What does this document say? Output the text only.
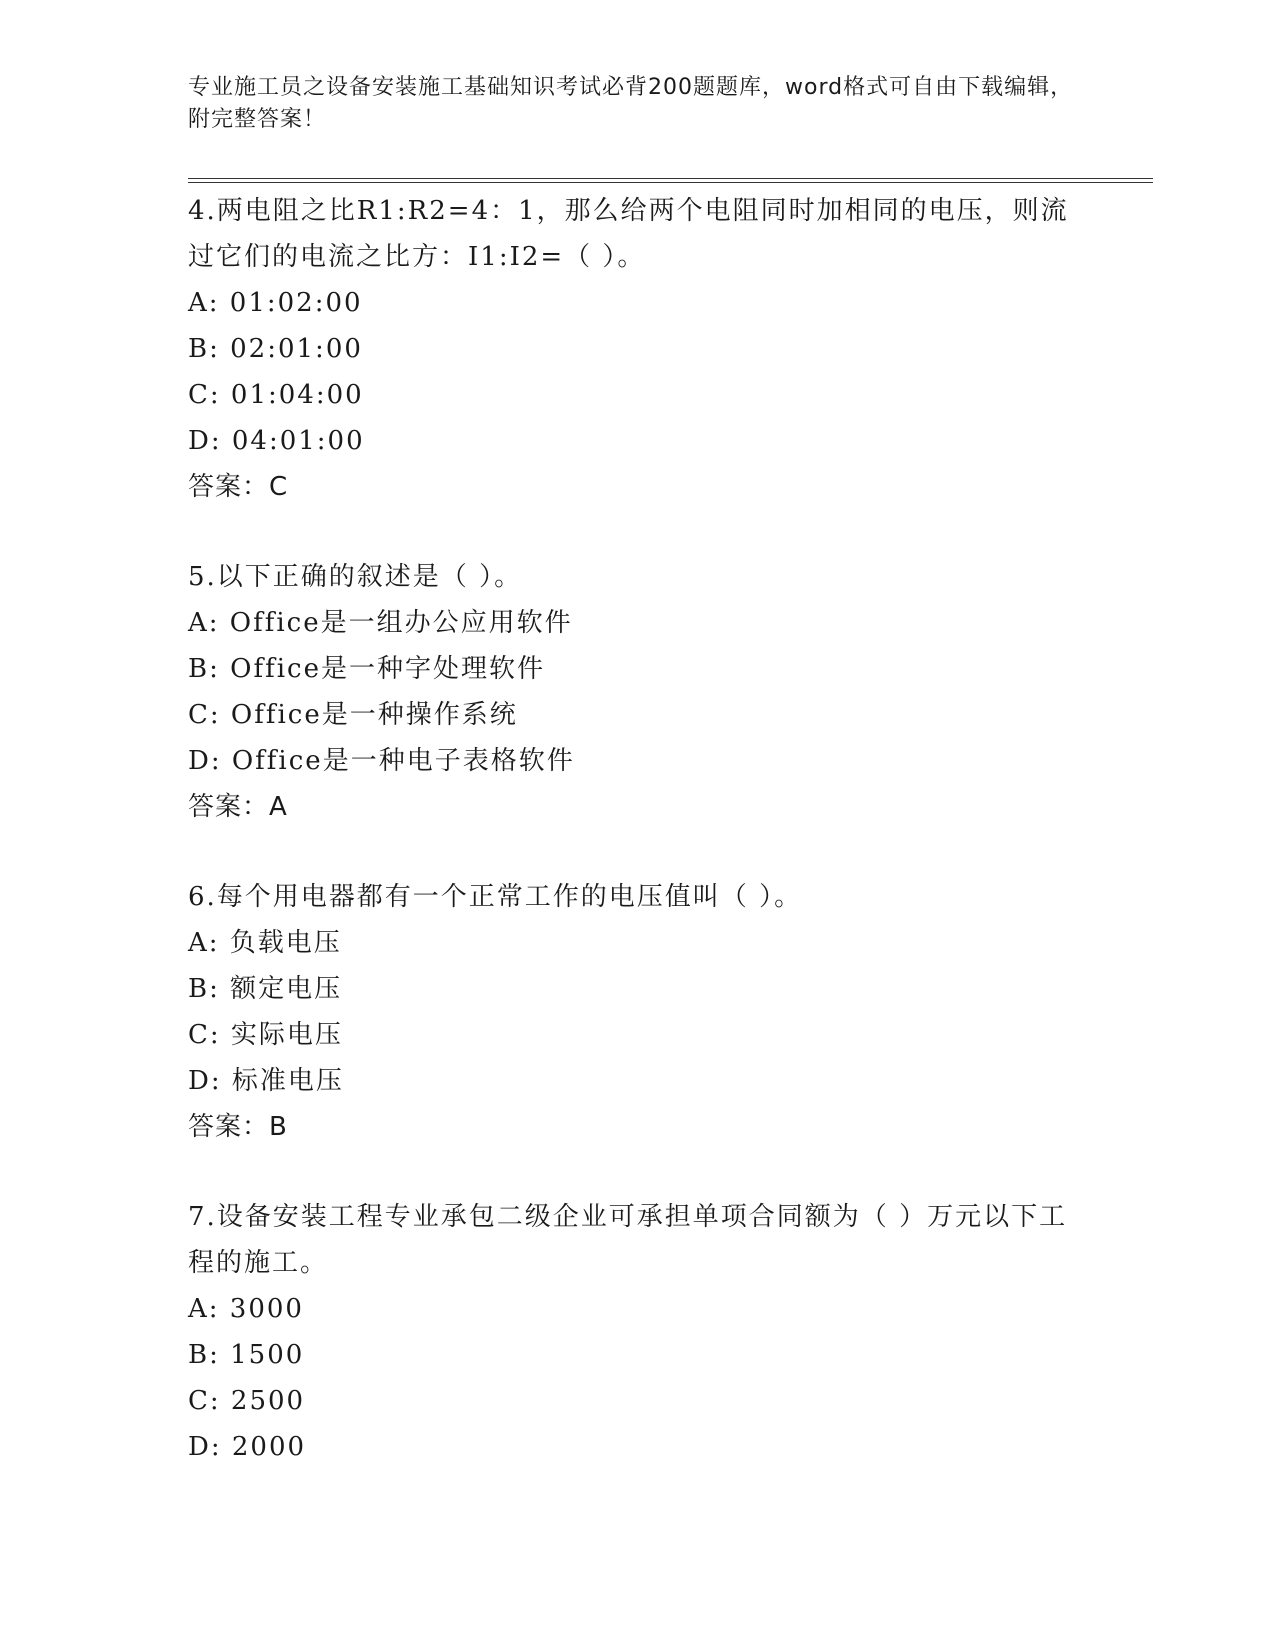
专业施工员之设备安装施工基础知识考试必背200题题库，word格式可自由下载编辑，附完整答案！
4.两电阻之比R1:R2=4：1，那么给两个电阻同时加相同的电压，则流过它们的电流之比方：I1:I2=（ ）。
A: 01:02:00
B: 02:01:00
C: 01:04:00
D: 04:01:00
答案：C
5.以下正确的叙述是（ ）。
A: Office是一组办公应用软件
B: Office是一种字处理软件
C: Office是一种操作系统
D: Office是一种电子表格软件
答案：A
6.每个用电器都有一个正常工作的电压值叫（ ）。
A: 负载电压
B: 额定电压
C: 实际电压
D: 标准电压
答案：B
7.设备安装工程专业承包二级企业可承担单项合同额为（ ）万元以下工程的施工。
A: 3000
B: 1500
C: 2500
D: 2000
